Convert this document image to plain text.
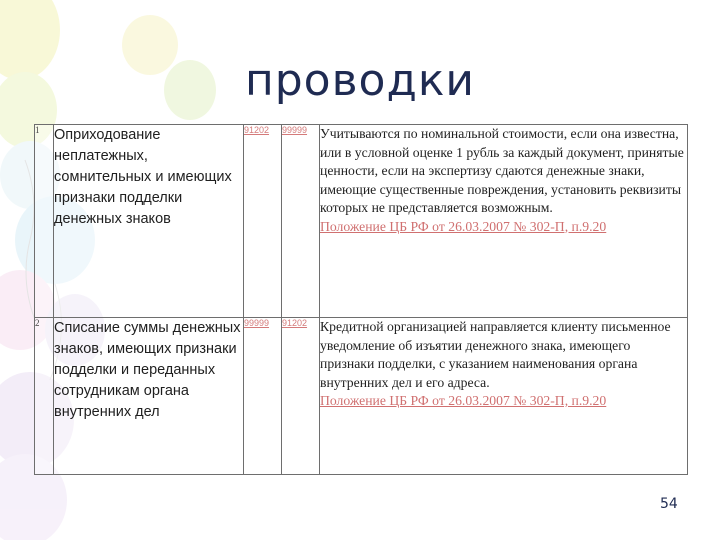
проводки
1	Оприходование неплатежных, сомнительных и имеющих признаки подделки денежных знаков	91202	99999	Учитываются по номинальной стоимости, если она известна, или в условной оценке 1 рубль за каждый документ, принятые ценности, если на экспертизу сдаются денежные знаки, имеющие существенные повреждения, установить реквизиты которых не представляется возможным.
Положение ЦБ РФ от 26.03.2007 № 302-П, п.9.20

2	Списание суммы денежных знаков, имеющих признаки подделки и переданных сотрудникам органа внутренних дел	99999	91202	Кредитной организацией направляется клиенту письменное уведомление об изъятии денежного знака, имеющего признаки подделки, с указанием наименования органа внутренних дел и его адреса.
Положение ЦБ РФ от 26.03.2007 № 302-П, п.9.20
54
